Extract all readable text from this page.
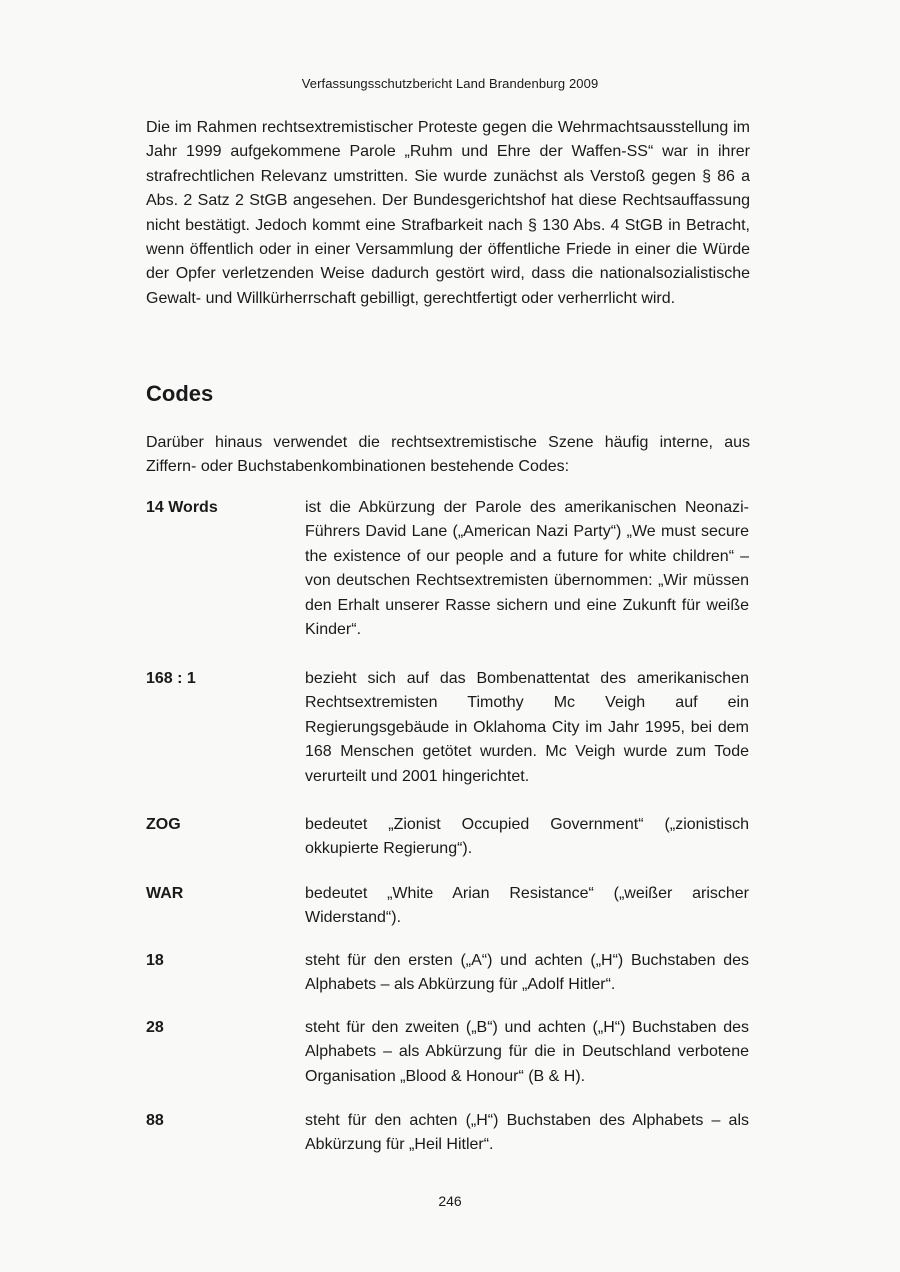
Verfassungsschutzbericht Land Brandenburg 2009

Die im Rahmen rechtsextremistischer Proteste gegen die Wehrmachtsausstellung im Jahr 1999 aufgekommene Parole „Ruhm und Ehre der Waffen-SS“ war in ihrer strafrechtlichen Relevanz umstritten. Sie wurde zunächst als Verstoß gegen § 86 a Abs. 2 Satz 2 StGB angesehen. Der Bundesgerichtshof hat diese Rechtsauffassung nicht bestätigt. Jedoch kommt eine Strafbarkeit nach § 130 Abs. 4 StGB in Betracht, wenn öffentlich oder in einer Versammlung der öffentliche Friede in einer die Würde der Opfer verletzenden Weise dadurch gestört wird, dass die nationalsozialistische Gewalt- und Willkürherrschaft gebilligt, gerechtfertigt oder verherrlicht wird.

Codes

Darüber hinaus verwendet die rechtsextremistische Szene häufig interne, aus Ziffern- oder Buchstabenkombinationen bestehende Codes:

14 Words	ist die Abkürzung der Parole des amerikanischen Neonazi-Führers David Lane („American Nazi Party“) „We must secure the existence of our people and a future for white children“ – von deutschen Rechtsextremisten übernommen: „Wir müssen den Erhalt unserer Rasse sichern und eine Zukunft für weiße Kinder“.
168 : 1	bezieht sich auf das Bombenattentat des amerikanischen Rechtsextremisten Timothy Mc Veigh auf ein Regierungsgebäude in Oklahoma City im Jahr 1995, bei dem 168 Menschen getötet wurden. Mc Veigh wurde zum Tode verurteilt und 2001 hingerichtet.
ZOG	bedeutet „Zionist Occupied Government“ („zionistisch okkupierte Regierung“).
WAR	bedeutet „White Arian Resistance“ („weißer arischer Widerstand“).
18	steht für den ersten („A“) und achten („H“) Buchstaben des Alphabets – als Abkürzung für „Adolf Hitler“.
28	steht für den zweiten („B“) und achten („H“) Buchstaben des Alphabets – als Abkürzung für die in Deutschland verbotene Organisation „Blood & Honour“ (B & H).
88	steht für den achten („H“) Buchstaben des Alphabets – als Abkürzung für „Heil Hitler“.
246
